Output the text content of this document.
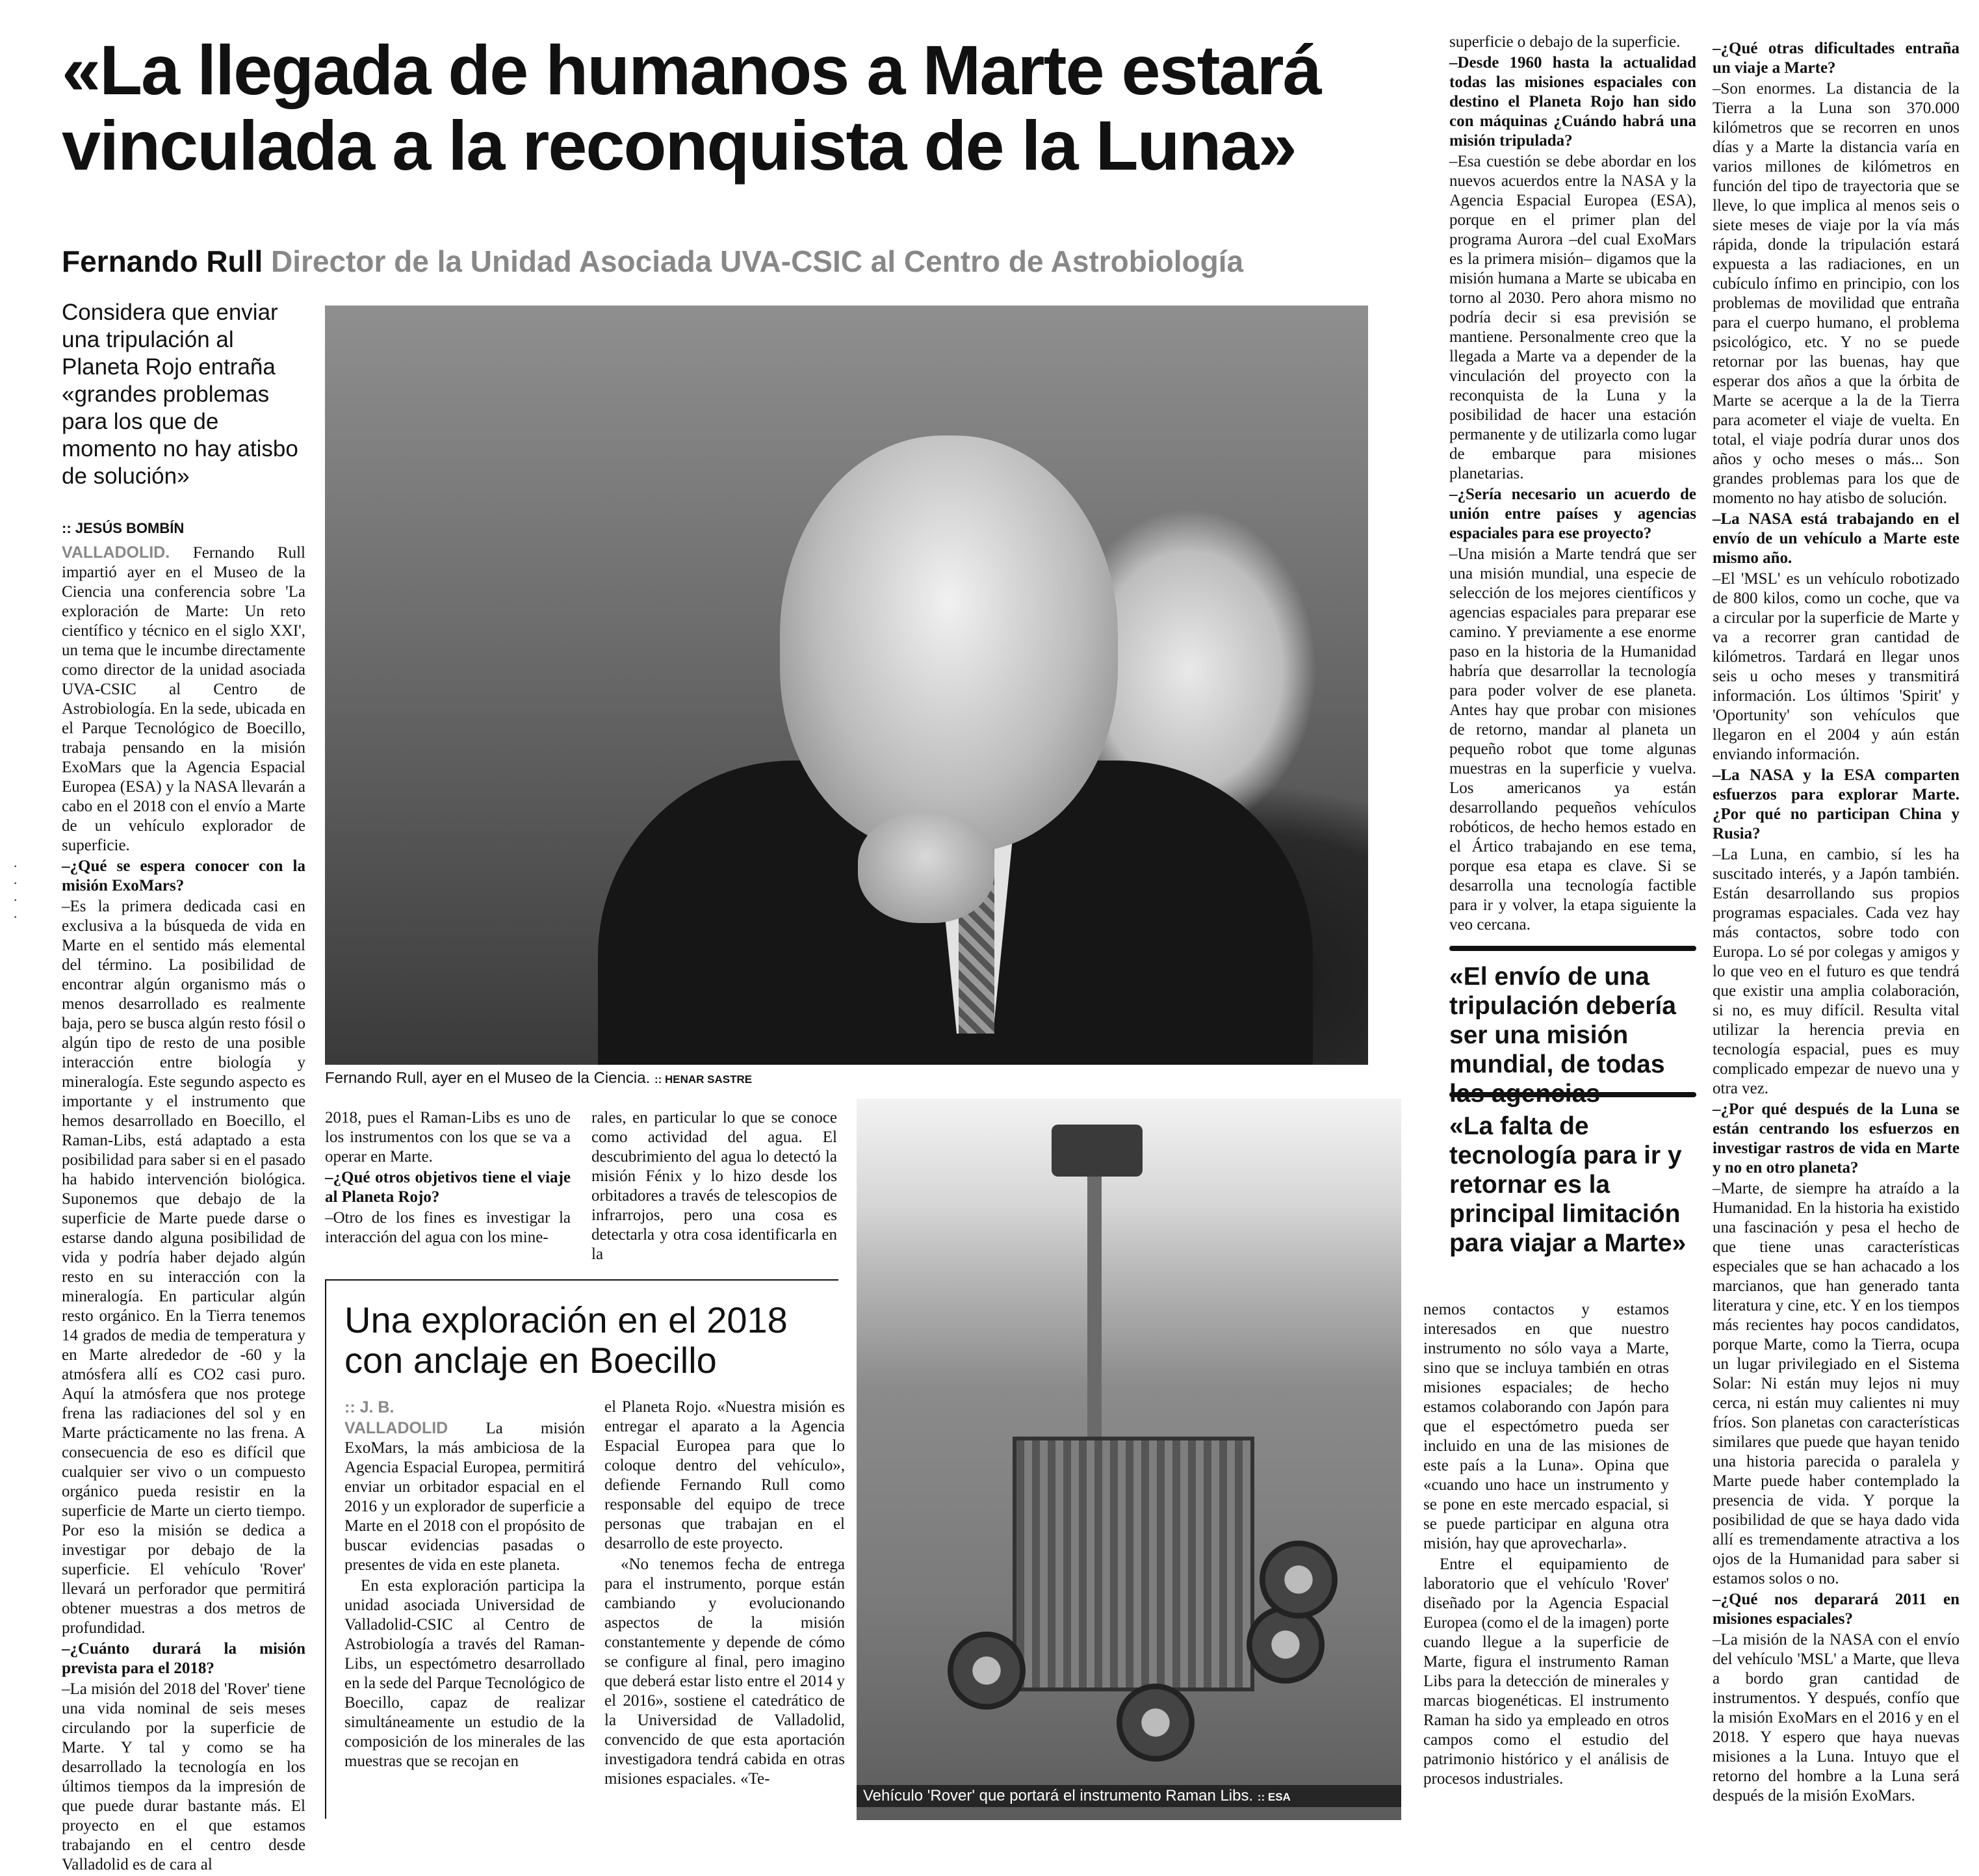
«La llegada de humanos a Marte estará vinculada a la reconquista de la Luna»
Fernando Rull Director de la Unidad Asociada UVA-CSIC al Centro de Astrobiología
Considera que enviar una tripulación al Planeta Rojo entraña «grandes problemas para los que de momento no hay atisbo de solución»
:: JESÚS BOMBÍN

VALLADOLID. Fernando Rull impartió ayer en el Museo de la Ciencia una conferencia sobre 'La exploración de Marte: Un reto científico y técnico en el siglo XXI', un tema que le incumbe directamente como director de la unidad asociada UVA-CSIC al Centro de Astrobiología. En la sede, ubicada en el Parque Tecnológico de Boecillo, trabaja pensando en la misión ExoMars que la Agencia Espacial Europea (ESA) y la NASA llevarán a cabo en el 2018 con el envío a Marte de un vehículo explorador de superficie.

–¿Qué se espera conocer con la misión ExoMars?

–Es la primera dedicada casi en exclusiva a la búsqueda de vida en Marte en el sentido más elemental del término. La posibilidad de encontrar algún organismo más o menos desarrollado es realmente baja, pero se busca algún resto fósil o algún tipo de resto de una posible interacción entre biología y mineralogía. Este segundo aspecto es importante y el instrumento que hemos desarrollado en Boecillo, el Raman-Libs, está adaptado a esta posibilidad para saber si en el pasado ha habido intervención biológica. Suponemos que debajo de la superficie de Marte puede darse o estarse dando alguna posibilidad de vida y podría haber dejado algún resto en su interacción con la mineralogía. En particular algún resto orgánico. En la Tierra tenemos 14 grados de media de temperatura y en Marte alrededor de -60 y la atmósfera allí es CO2 casi puro. Aquí la atmósfera que nos protege frena las radiaciones del sol y en Marte prácticamente no las frena. A consecuencia de eso es difícil que cualquier ser vivo o un compuesto orgánico pueda resistir en la superficie de Marte un cierto tiempo. Por eso la misión se dedica a investigar por debajo de la superficie. El vehículo 'Rover' llevará un perforador que permitirá obtener muestras a dos metros de profundidad.

–¿Cuánto durará la misión prevista para el 2018?

–La misión del 2018 del 'Rover' tiene una vida nominal de seis meses circulando por la superficie de Marte. Y tal y como se ha desarrollado la tecnología en los últimos tiempos da la impresión de que puede durar bastante más. El proyecto en el que estamos trabajando en el centro desde Valladolid es de cara al

·
·
·
·
Fernando Rull, ayer en el Museo de la Ciencia. :: HENAR SASTRE

2018, pues el Raman-Libs es uno de los instrumentos con los que se va a operar en Marte.

–¿Qué otros objetivos tiene el viaje al Planeta Rojo?

–Otro de los fines es investigar la interacción del agua con los mine-

rales, en particular lo que se conoce como actividad del agua. El descubrimiento del agua lo detectó la misión Fénix y lo hizo desde los orbitadores a través de telescopios de infrarrojos, pero una cosa es detectarla y otra cosa identificarla en la

Una exploración en el 2018 con anclaje en Boecillo

:: J. B.

VALLADOLID La misión ExoMars, la más ambiciosa de la Agencia Espacial Europea, permitirá enviar un orbitador espacial en el 2016 y un explorador de superficie a Marte en el 2018 con el propósito de buscar evidencias pasadas o presentes de vida en este planeta.

En esta exploración participa la unidad asociada Universidad de Valladolid-CSIC al Centro de Astrobiología a través del Raman-Libs, un espectómetro desarrollado en la sede del Parque Tecnológico de Boecillo, capaz de realizar simultáneamente un estudio de la composición de los minerales de las muestras que se recojan en

el Planeta Rojo. «Nuestra misión es entregar el aparato a la Agencia Espacial Europea para que lo coloque dentro del vehículo», defiende Fernando Rull como responsable del equipo de trece personas que trabajan en el desarrollo de este proyecto.

«No tenemos fecha de entrega para el instrumento, porque están cambiando y evolucionando aspectos de la misión constantemente y depende de cómo se configure al final, pero imagino que deberá estar listo entre el 2014 y el 2016», sostiene el catedrático de la Universidad de Valladolid, convencido de que esta aportación investigadora tendrá cabida en otras misiones espaciales. «Te-

Vehículo 'Rover' que portará el instrumento Raman Libs. :: ESA

nemos contactos y estamos interesados en que nuestro instrumento no sólo vaya a Marte, sino que se incluya también en otras misiones espaciales; de hecho estamos colaborando con Japón para que el espectómetro pueda ser incluido en una de las misiones de este país a la Luna». Opina que «cuando uno hace un instrumento y se pone en este mercado espacial, si se puede participar en alguna otra misión, hay que aprovecharla».

Entre el equipamiento de laboratorio que el vehículo 'Rover' diseñado por la Agencia Espacial Europea (como el de la imagen) porte cuando llegue a la superficie de Marte, figura el instrumento Raman Libs para la detección de minerales y marcas biogenéticas. El instrumento Raman ha sido ya empleado en otros campos como el estudio del patrimonio histórico y el análisis de procesos industriales.

superficie o debajo de la superficie.

–Desde 1960 hasta la actualidad todas las misiones espaciales con destino el Planeta Rojo han sido con máquinas ¿Cuándo habrá una misión tripulada?

–Esa cuestión se debe abordar en los nuevos acuerdos entre la NASA y la Agencia Espacial Europea (ESA), porque en el primer plan del programa Aurora –del cual ExoMars es la primera misión– digamos que la misión humana a Marte se ubicaba en torno al 2030. Pero ahora mismo no podría decir si esa previsión se mantiene. Personalmente creo que la llegada a Marte va a depender de la vinculación del proyecto con la reconquista de la Luna y la posibilidad de hacer una estación permanente y de utilizarla como lugar de embarque para misiones planetarias.

–¿Sería necesario un acuerdo de unión entre países y agencias espaciales para ese proyecto?

–Una misión a Marte tendrá que ser una misión mundial, una especie de selección de los mejores científicos y agencias espaciales para preparar ese camino. Y previamente a ese enorme paso en la historia de la Humanidad habría que desarrollar la tecnología para poder volver de ese planeta. Antes hay que probar con misiones de retorno, mandar al planeta un pequeño robot que tome algunas muestras en la superficie y vuelva. Los americanos ya están desarrollando pequeños vehículos robóticos, de hecho hemos estado en el Ártico trabajando en ese tema, porque esa etapa es clave. Si se desarrolla una tecnología factible para ir y volver, la etapa siguiente la veo cercana.

«El envío de una tripulación debería ser una misión mundial, de todas
«La falta de tecnología para ir y retornar es la principal limitación para viajar a Marte»

–¿Qué otras dificultades entraña un viaje a Marte?

–Son enormes. La distancia de la Tierra a la Luna son 370.000 kilómetros que se recorren en unos días y a Marte la distancia varía en varios millones de kilómetros en función del tipo de trayectoria que se lleve, lo que implica al menos seis o siete meses de viaje por la vía más rápida, donde la tripulación estará expuesta a las radiaciones, en un cubículo ínfimo en principio, con los problemas de movilidad que entraña para el cuerpo humano, el problema psicológico, etc. Y no se puede retornar por las buenas, hay que esperar dos años a que la órbita de Marte se acerque a la de la Tierra para acometer el viaje de vuelta. En total, el viaje podría durar unos dos años y ocho meses o más... Son grandes problemas para los que de momento no hay atisbo de solución.

–La NASA está trabajando en el envío de un vehículo a Marte este mismo año.

–El 'MSL' es un vehículo robotizado de 800 kilos, como un coche, que va a circular por la superficie de Marte y va a recorrer gran cantidad de kilómetros. Tardará en llegar unos seis u ocho meses y transmitirá información. Los últimos 'Spirit' y 'Oportunity' son vehículos que llegaron en el 2004 y aún están enviando información.

–La NASA y la ESA comparten esfuerzos para explorar Marte. ¿Por qué no participan China y Rusia?

–La Luna, en cambio, sí les ha suscitado interés, y a Japón también. Están desarrollando sus propios programas espaciales. Cada vez hay más contactos, sobre todo con Europa. Lo sé por colegas y amigos y lo que veo en el futuro es que tendrá que existir una amplia colaboración, si no, es muy difícil. Resulta vital utilizar la herencia previa en tecnología espacial, pues es muy complicado empezar de nuevo una y otra vez.

–¿Por qué después de la Luna se están centrando los esfuerzos en investigar rastros de vida en Marte y no en otro planeta?

–Marte, de siempre ha atraído a la Humanidad. En la historia ha existido una fascinación y pesa el hecho de que tiene unas características especiales que se han achacado a los marcianos, que han generado tanta literatura y cine, etc. Y en los tiempos más recientes hay pocos candidatos, porque Marte, como la Tierra, ocupa un lugar privilegiado en el Sistema Solar: Ni están muy lejos ni muy cerca, ni están muy calientes ni muy fríos. Son planetas con características similares que puede que hayan tenido una historia parecida o paralela y Marte puede haber contemplado la presencia de vida. Y porque la posibilidad de que se haya dado vida allí es tremendamente atractiva a los ojos de la Humanidad para saber si estamos solos o no.

–¿Qué nos deparará 2011 en misiones espaciales?

–La misión de la NASA con el envío del vehículo 'MSL' a Marte, que lleva a bordo gran cantidad de instrumentos. Y después, confío que la misión ExoMars en el 2016 y en el 2018. Y espero que haya nuevas misiones a la Luna. Intuyo que el retorno del hombre a la Luna será después de la misión ExoMars.
